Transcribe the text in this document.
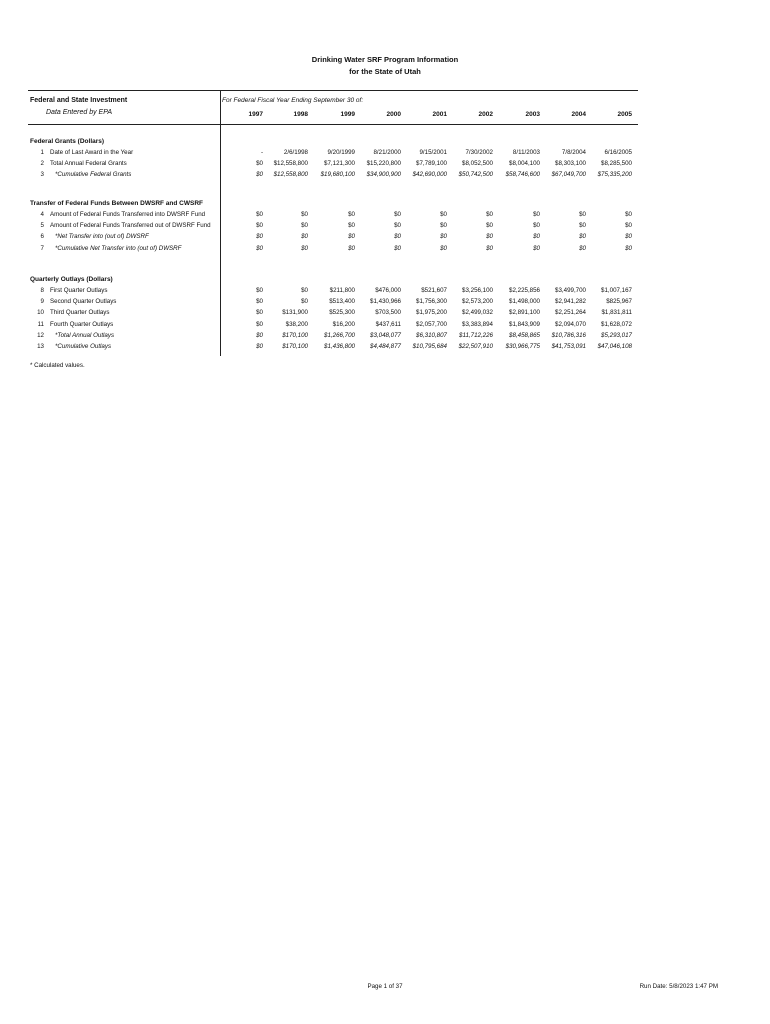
Drinking Water SRF Program Information
for the State of Utah
Federal and State Investment
Data Entered by EPA
For Federal Fiscal Year Ending September 30 of:
1997	1998	1999	2000	2001	2002	2003	2004	2005
Federal Grants (Dollars)
1 Date of Last Award in the Year	-	2/6/1998	9/20/1999	8/21/2000	9/15/2001	7/30/2002	8/11/2003	7/8/2004	6/16/2005
2 Total Annual Federal Grants	$0	$12,558,800	$7,121,300	$15,220,800	$7,789,100	$8,052,500	$8,004,100	$8,303,100	$8,285,500
3 *Cumulative Federal Grants	$0	$12,558,800	$19,680,100	$34,900,900	$42,690,000	$50,742,500	$58,746,600	$67,049,700	$75,335,200
Transfer of Federal Funds Between DWSRF and CWSRF
4 Amount of Federal Funds Transferred into DWSRF Fund	$0	$0	$0	$0	$0	$0	$0	$0	$0
5 Amount of Federal Funds Transferred out of DWSRF Fund	$0	$0	$0	$0	$0	$0	$0	$0	$0
6 *Net Transfer into (out of) DWSRF	$0	$0	$0	$0	$0	$0	$0	$0	$0
7 *Cumulative Net Transfer into (out of) DWSRF	$0	$0	$0	$0	$0	$0	$0	$0	$0
Quarterly Outlays (Dollars)
8 First Quarter Outlays	$0	$0	$211,800	$476,000	$521,607	$3,256,100	$2,225,856	$3,499,700	$1,007,167
9 Second Quarter Outlays	$0	$0	$513,400	$1,430,966	$1,756,300	$2,573,200	$1,498,000	$2,941,282	$825,967
10 Third Quarter Outlays	$0	$131,900	$525,300	$703,500	$1,975,200	$2,499,032	$2,891,100	$2,251,264	$1,831,811
11 Fourth Quarter Outlays	$0	$38,200	$16,200	$437,611	$2,057,700	$3,383,894	$1,843,909	$2,094,070	$1,628,072
12 *Total Annual Outlays	$0	$170,100	$1,266,700	$3,048,077	$6,310,807	$11,712,226	$8,458,865	$10,786,316	$5,293,017
13 *Cumulative Outlays	$0	$170,100	$1,436,800	$4,484,877	$10,795,684	$22,507,910	$30,966,775	$41,753,091	$47,046,108
* Calculated values.
Page 1 of 37	Run Date: 5/8/2023 1:47 PM
